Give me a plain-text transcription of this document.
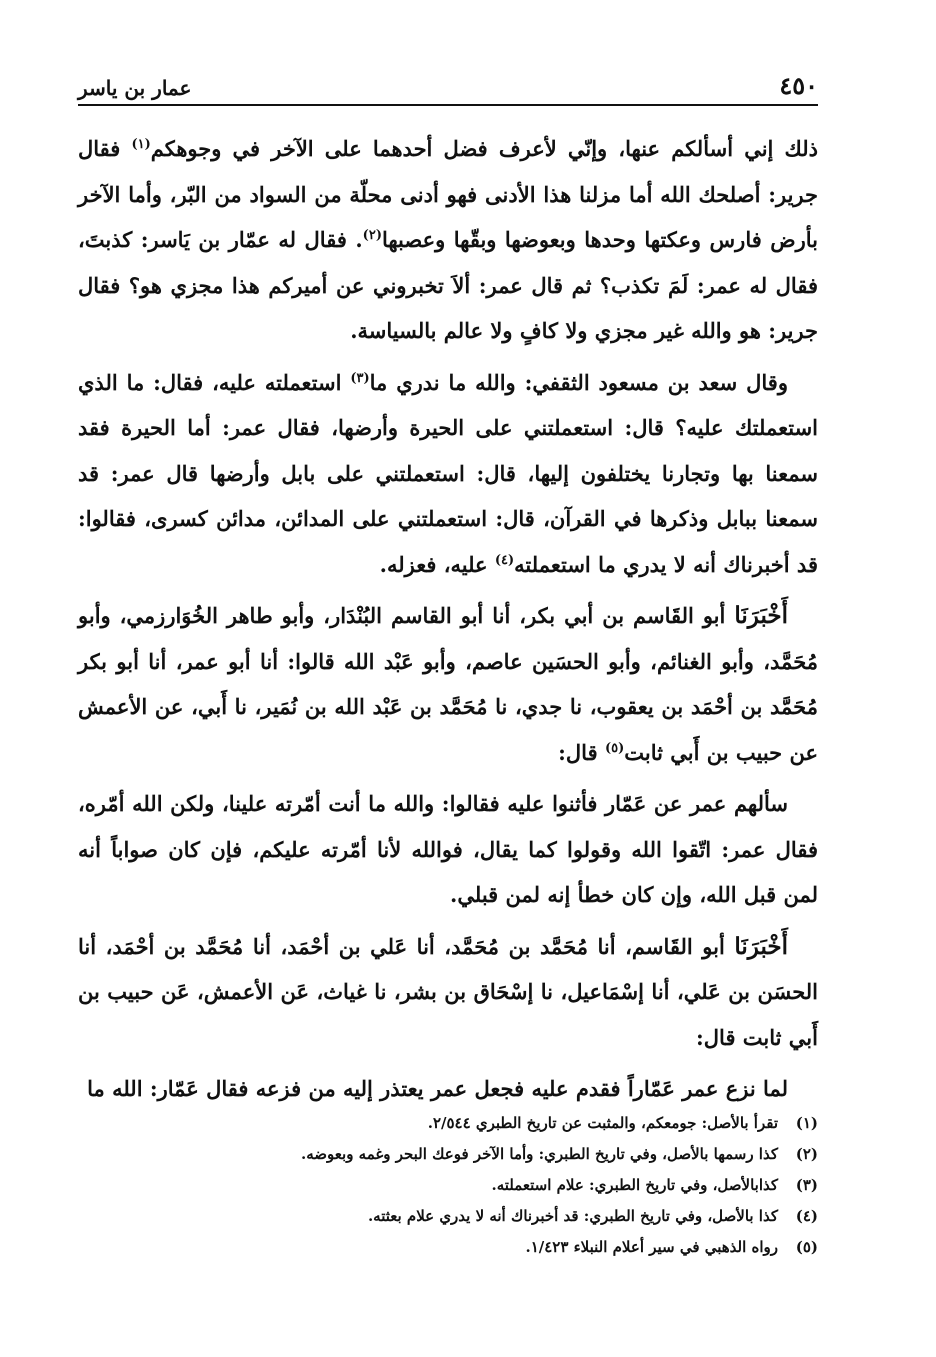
٤٥٠
عمار بن ياسر

ذلك إني أسألكم عنها، وإنّي لأعرف فضل أحدهما على الآخر في وجوهكم$^{(١)}$ فقال جرير: أصلحك الله أما مزلنا هذا الأدنى فهو أدنى محلّة من السواد من البّر، وأما الآخر بأرض فارس وعكتها وحدها وبعوضها وبقّها وعصبها$^{(٢)}$. فقال له عمّار بن يَاسر: كذبتَ، فقال له عمر: لَمَ تكذب؟ ثم قال عمر: ألاَ تخبروني عن أميركم هذا مجزي هو؟ فقال جرير: هو والله غير مجزي ولا كافٍ ولا عالم بالسياسة.

وقال سعد بن مسعود الثقفي: والله ما ندري ما$^{(٣)}$ استعملته عليه، فقال: ما الذي استعملتك عليه؟ قال: استعملتني على الحيرة وأرضها، فقال عمر: أما الحيرة فقد سمعنا بها وتجارنا يختلفون إليها، قال: استعملتني على بابل وأرضها قال عمر: قد سمعنا ببابل وذكرها في القرآن، قال: استعملتني على المدائن، مدائن كسرى، فقالوا: قد أخبرناك أنه لا يدري ما استعملته$^{(٤)}$ عليه، فعزله.

أَخْبَرَنَا أبو القَاسم بن أبي بكر، أنا أبو القاسم البُنْدَار، وأبو طاهر الخُوَارزمي، وأبو مُحَمَّد، وأبو الغنائم، وأبو الحسَين عاصم، وأبو عَبْد الله قالوا: أنا أبو عمر، أنا أبو بكر مُحَمَّد بن أحْمَد بن يعقوب، نا جدي، نا مُحَمَّد بن عَبْد الله بن نُمَير، نا أَبي، عن الأعمش عن حبيب بن أَبي ثابت$^{(٥)}$ قال:

سألهم عمر عن عَمّار فأثنوا عليه فقالوا: والله ما أنت أمّرته علينا، ولكن الله أمّره، فقال عمر: اتّقوا الله وقولوا كما يقال، فوالله لأنا أمّرته عليكم، فإن كان صواباً أنه لمن قبل الله، وإن كان خطأ إنه لمن قبلي.

أَخْبَرَنَا أبو القَاسم، أنا مُحَمَّد بن مُحَمَّد، أنا عَلي بن أحْمَد، أنا مُحَمَّد بن أحْمَد، أنا الحسَن بن عَلي، أنا إسْمَاعيل، نا إسْحَاق بن بشر، نا غياث، عَن الأعمش، عَن حبيب بن أَبي ثابت قال:

لما نزع عمر عَمّاراً فقدم عليه فجعل عمر يعتذر إليه من فزعه فقال عَمّار: الله ما

(١)
تقرأ بالأصل: جومعكم، والمثبت عن تاريخ الطبري ٢/٥٤٤.
(٢)
كذا رسمها بالأصل، وفي تاريخ الطبري: وأما الآخر فوعك البحر وغمه وبعوضه.
(٣)
كذابالأصل، وفي تاريخ الطبري: علام استعملته.
(٤)
كذا بالأصل، وفي تاريخ الطبري: قد أخبرناك أنه لا يدري علام بعثته.
(٥)
رواه الذهبي في سير أعلام النبلاء ١/٤٢٣.
